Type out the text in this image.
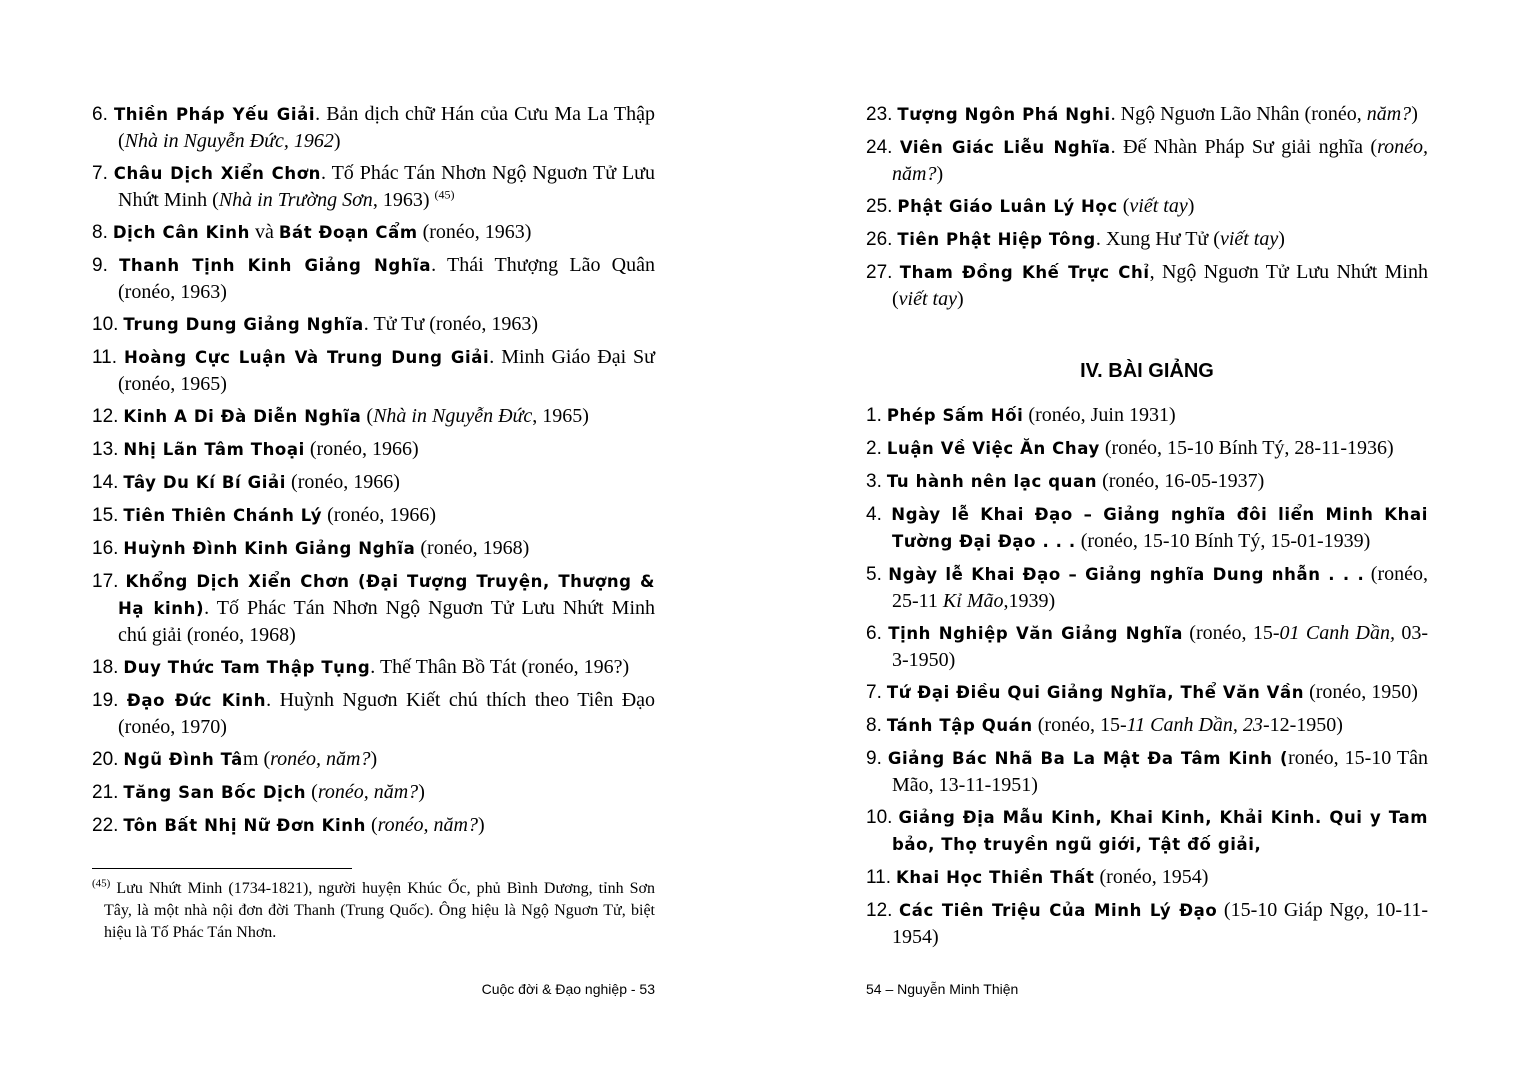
6. Thiền Pháp Yếu Giải. Bản dịch chữ Hán của Cưu Ma La Thập (Nhà in Nguyễn Đức, 1962)
7. Châu Dịch Xiển Chơn. Tố Phác Tán Nhơn Ngộ Nguơn Tử Lưu Nhứt Minh (Nhà in Trường Sơn, 1963) $^{(45)}$
8. Dịch Cân Kinh và Bát Đoạn Cẩm (ronéo, 1963)
9. Thanh Tịnh Kinh Giảng Nghĩa. Thái Thượng Lão Quân (ronéo, 1963)
10. Trung Dung Giảng Nghĩa. Tử Tư (ronéo, 1963)
11. Hoàng Cực Luận Và Trung Dung Giải. Minh Giáo Đại Sư (ronéo, 1965)
12. Kinh A Di Đà Diễn Nghĩa (Nhà in Nguyễn Đức, 1965)
13. Nhị Lãn Tâm Thoại (ronéo, 1966)
14. Tây Du Kí Bí Giải (ronéo, 1966)
15. Tiên Thiên Chánh Lý (ronéo, 1966)
16. Huỳnh Đình Kinh Giảng Nghĩa (ronéo, 1968)
17. Khổng Dịch Xiển Chơn (Đại Tượng Truyện, Thượng & Hạ kinh). Tố Phác Tán Nhơn Ngộ Nguơn Tử Lưu Nhứt Minh chú giải (ronéo, 1968)
18. Duy Thức Tam Thập Tụng. Thế Thân Bồ Tát (ronéo, 196?)
19. Đạo Đức Kinh. Huỳnh Nguơn Kiết chú thích theo Tiên Đạo (ronéo, 1970)
20. Ngũ Đình Tâm (ronéo, năm?)
21. Tăng San Bốc Dịch (ronéo, năm?)
22. Tôn Bất Nhị Nữ Đơn Kinh (ronéo, năm?)

$^{(45)}$ Lưu Nhứt Minh (1734-1821), người huyện Khúc Ốc, phủ Bình Dương, tỉnh Sơn Tây, là một nhà nội đơn đời Thanh (Trung Quốc). Ông hiệu là Ngộ Nguơn Tử, biệt hiệu là Tố Phác Tán Nhơn.

Cuộc đời & Đạo nghiệp - 53
23. Tượng Ngôn Phá Nghi. Ngộ Nguơn Lão Nhân (ronéo, năm?)
24. Viên Giác Liễu Nghĩa. Đế Nhàn Pháp Sư giải nghĩa (ronéo, năm?)
25. Phật Giáo Luân Lý Học (viết tay)
26. Tiên Phật Hiệp Tông. Xung Hư Tử (viết tay)
27. Tham Đồng Khế Trực Chỉ, Ngộ Nguơn Tử Lưu Nhứt Minh (viết tay)
IV. BÀI GIẢNG
1. Phép Sấm Hối (ronéo, Juin 1931)
2. Luận Về Việc Ăn Chay (ronéo, 15-10 Bính Tý, 28-11-1936)
3. Tu hành nên lạc quan (ronéo, 16-05-1937)
4. Ngày lễ Khai Đạo – Giảng nghĩa đôi liển Minh Khai Tường Đại Đạo . . . (ronéo, 15-10 Bính Tý, 15-01-1939)
5. Ngày lễ Khai Đạo – Giảng nghĩa Dung nhẫn . . . (ronéo, 25-11 Kỉ Mão,1939)
6. Tịnh Nghiệp Văn Giảng Nghĩa (ronéo, 15-01 Canh Dần, 03-3-1950)
7. Tứ Đại Điều Qui Giảng Nghĩa, Thể Văn Vần (ronéo, 1950)
8. Tánh Tập Quán (ronéo, 15-11 Canh Dần, 23-12-1950)
9. Giảng Bác Nhã Ba La Mật Đa Tâm Kinh (ronéo, 15-10 Tân Mão, 13-11-1951)
10. Giảng Địa Mẫu Kinh, Khai Kinh, Khải Kinh. Qui y Tam bảo, Thọ truyền ngũ giới, Tật đố giải,
11. Khai Học Thiền Thất (ronéo, 1954)
12. Các Tiên Triệu Của Minh Lý Đạo (15-10 Giáp Ngọ, 10-11- 1954)
54 – Nguyễn Minh Thiện
